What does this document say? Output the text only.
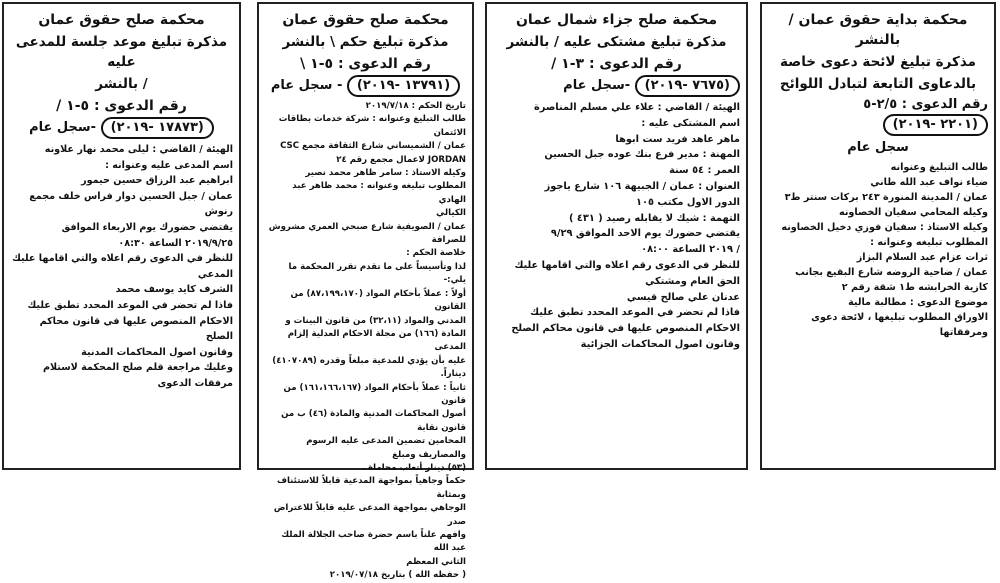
محكمة صلح حقوق عمان
مذكرة تبليغ موعد جلسة للمدعى عليه
/ بالنشر
رقم الدعوى : ٥-١ /
(١٧٨٧٣ -٢٠١٩) -سجل عام
الهيئة / القاضي : ليلى محمد نهار علاونه
اسم المدعى عليه وعنوانه :
ابراهيم عبد الرزاق حسين حيمور
عمان / جبل الحسين دوار فراس خلف مجمع
رنوش
يقتضي حضورك يوم الاربعاء الموافق
٢٠١٩/٩/٢٥ الساعة ٠٨:٣٠
للنظر في الدعوى رقم اعلاه والتي اقامها عليك
المدعي
الشرف كايد يوسف محمد
فاذا لم تحضر في الموعد المحدد تطبق عليك
الاحكام المنصوص عليها في قانون محاكم الصلح
وقانون اصول المحاكمات المدنية
وعليك مراجعة قلم صلح المحكمة لاستلام
مرفقات الدعوى
محكمة صلح حقوق عمان
مذكرة تبليغ حكم \ بالنشر
رقم الدعوى : ٥-١ \
(١٣٧٩١ -٢٠١٩) - سجل عام
تاريخ الحكم : ٢٠١٩/٧/١٨
طالب التبليغ وعنوانه : شركة خدمات بطاقات الائتمان
عمان / الشميساني شارع الثقافة مجمع CSC
JORDAN لاعمال مجمع رقم ٢٤
وكيله الاستاذ : سامر ظاهر محمد نصير
المطلوب تبليغه وعنوانه : محمد ظاهر عبد الهادي
الكيالي
عمان / الصويفية شارع صبحي العمري مشروش للصرافة
خلاصة الحكم :
لذا وتأسيساً على ما تقدم تقرر المحكمة ما يلي:-
أولاً : عملاً بأحكام المواد (٨٧،١٩٩،١٧٠) من القانون
المدني والمواد (٣٢،١١) من قانون البينات و
المادة (١٦٦) من مجلة الاحكام العدلية إلزام المدعى
عليه بأن يؤدي للمدعية مبلغاً وقدره (٤١٠٧٠٨٩)
ديناراً.
ثانياً : عملاً بأحكام المواد (١٦١،١٦٦،١٦٧) من قانون
أصول المحاكمات المدنية والمادة (٤٦) ب من قانون نقابة
المحامين تضمين المدعى عليه الرسوم والمصاريف ومبلغ
(٥٣) دينار أتعاب محاماة .
حكماً وجاهياً بمواجهة المدعية قابلاً للاستئناف وبمثابة
الوجاهي بمواجهة المدعى عليه قابلاً للاعتراض صدر
وافهم علناً باسم حضرة صاحب الجلالة الملك عبد الله
الثاني المعظم
( حفظه الله ) بتاريخ ٢٠١٩/٠٧/١٨
محكمة صلح جزاء شمال عمان
مذكرة تبليغ مشتكى عليه / بالنشر
رقم الدعوى : ٣-١ /
(٧٦٧٥ -٢٠١٩) -سجل عام
الهيئة / القاضي : علاء علي مسلم المناصرة
اسم المشتكى عليه :
ماهر عاهد فريد ست ابوها
المهنة : مدير فرع بنك عوده جبل الحسين
العمر : ٥٤ سنة
العنوان : عمان / الجبيهة ١٠٦ شارع ياجوز
الدور الاول مكتب ١٠٥
التهمة : شيك لا يقابله رصيد ( ٤٣١ )
يقتضي حضورك يوم الاحد الموافق ٩/٢٩
/ ٢٠١٩ الساعة ٠٨:٠٠
للنظر في الدعوى رقم اعلاه والتي اقامها عليك
الحق العام ومشتكي
عدنان علي صالح قيسي
فاذا لم تحضر في الموعد المحدد تطبق عليك
الاحكام المنصوص عليها في قانون محاكم الصلح
وقانون اصول المحاكمات الجزائية
محكمة بداية حقوق عمان / بالنشر
مذكرة تبليغ لائحة دعوى خاصة
بالدعاوى التابعة لتبادل اللوائح
رقم الدعوى : ٢/٥-٥ (٢٢٠١ -٢٠١٩)
سجل عام
طالب التبليغ وعنوانه
ضياء نواف عبد الله طاني
عمان / المدينة المنورة ٢٤٣ بركات سنتر ط٣
وكيله المحامي سفيان الخصاونه
وكيله الاستاذ : سفيان فوزي دخيل الخصاونه
المطلوب تبليغه وعنوانه :
ثرات عزام عبد السلام البزاز
عمان / ضاحية الروضه شارع البقيع بجانب
كازية الخرابشه ط١ شقة رقم ٢
موضوع الدعوى : مطالبة مالية
الاوراق المطلوب تبليغها ، لائحة دعوى
ومرفقاتها
